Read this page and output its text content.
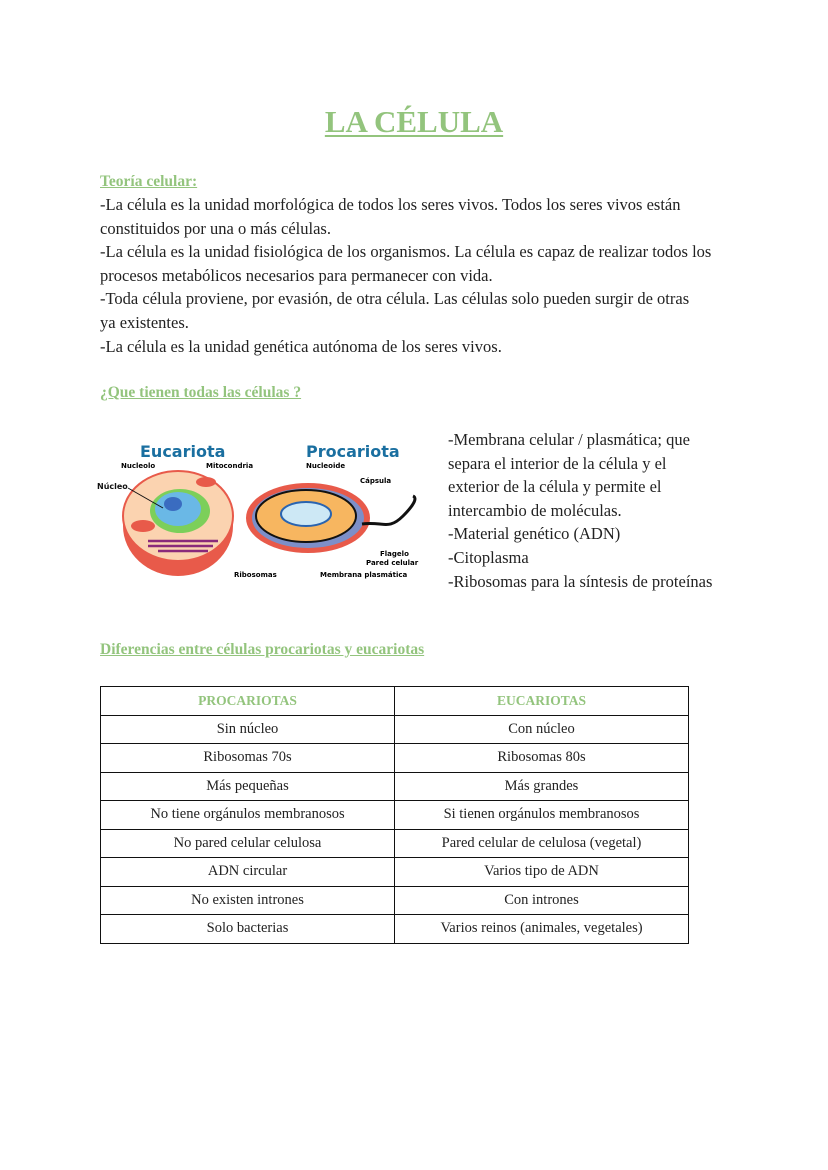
LA CÉLULA
Teoría celular:
-La célula es la unidad morfológica de todos los seres vivos. Todos los seres vivos están
constituidos por una o más células.
-La célula es la unidad fisiológica de los organismos. La célula es capaz de realizar todos los
procesos metabólicos necesarios para permanecer con vida.
-Toda célula proviene, por evasión, de otra célula. Las células solo pueden surgir de otras
ya existentes.
-La célula es la unidad genética autónoma de los seres vivos.
¿Que tienen todas las células ?
Eucariota	Procariota
Nucleolo	Mitocondria
Núcleo
Nucleoide
Cápsula
Flagelo
Pared celular
Ribosomas	Membrana plasmática
-Membrana celular / plasmática; que
separa el interior de la célula y el
exterior de la célula y permite el
intercambio de moléculas.
-Material genético (ADN)
-Citoplasma
-Ribosomas para la síntesis de proteínas
Diferencias entre células procariotas y eucariotas
PROCARIOTAS	EUCARIOTAS
Sin núcleo	Con núcleo
Ribosomas 70s	Ribosomas 80s
Más pequeñas	Más grandes
No tiene orgánulos membranosos	Si tienen orgánulos membranosos
No pared celular celulosa	Pared celular de celulosa (vegetal)
ADN circular	Varios tipo de ADN
No existen intrones	Con intrones
Solo bacterias	Varios reinos (animales, vegetales)
